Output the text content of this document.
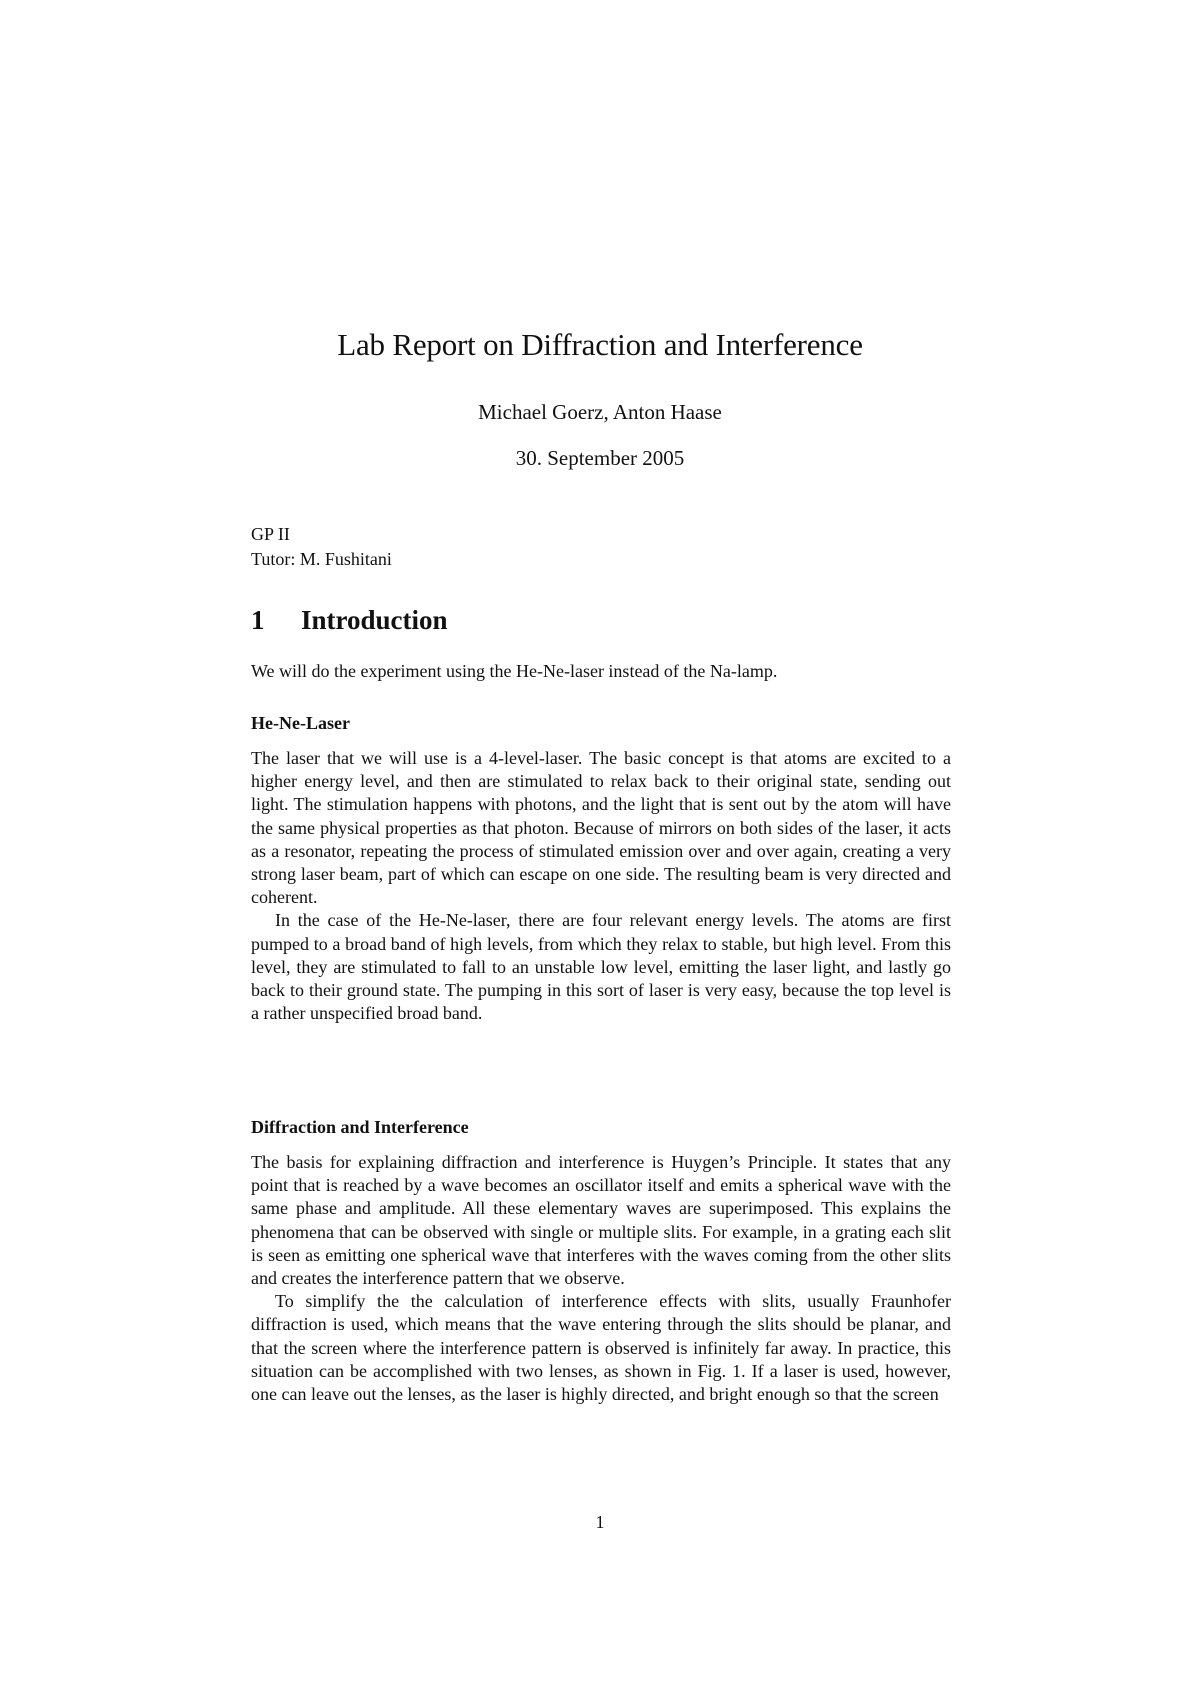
Lab Report on Diffraction and Interference
Michael Goerz, Anton Haase
30. September 2005
GP II
Tutor: M. Fushitani
1 Introduction
We will do the experiment using the He-Ne-laser instead of the Na-lamp.
He-Ne-Laser

The laser that we will use is a 4-level-laser. The basic concept is that atoms are excited to a higher energy level, and then are stimulated to relax back to their original state, sending out light. The stimulation happens with photons, and the light that is sent out by the atom will have the same physical properties as that photon. Because of mirrors on both sides of the laser, it acts as a resonator, repeating the process of stimulated emission over and over again, creating a very strong laser beam, part of which can escape on one side. The resulting beam is very directed and coherent.

In the case of the He-Ne-laser, there are four relevant energy levels. The atoms are first pumped to a broad band of high levels, from which they relax to stable, but high level. From this level, they are stimulated to fall to an unstable low level, emitting the laser light, and lastly go back to their ground state. The pumping in this sort of laser is very easy, because the top level is a rather unspecified broad band.

Diffraction and Interference

The basis for explaining diffraction and interference is Huygen’s Principle. It states that any point that is reached by a wave becomes an oscillator itself and emits a spherical wave with the same phase and amplitude. All these elementary waves are superimposed. This explains the phenomena that can be observed with single or multiple slits. For example, in a grating each slit is seen as emitting one spherical wave that interferes with the waves coming from the other slits and creates the interference pattern that we observe.

To simplify the the calculation of interference effects with slits, usually Fraunhofer diffraction is used, which means that the wave entering through the slits should be planar, and that the screen where the interference pattern is observed is infinitely far away. In practice, this situation can be accomplished with two lenses, as shown in Fig. 1. If a laser is used, however, one can leave out the lenses, as the laser is highly directed, and bright enough so that the screen

1
